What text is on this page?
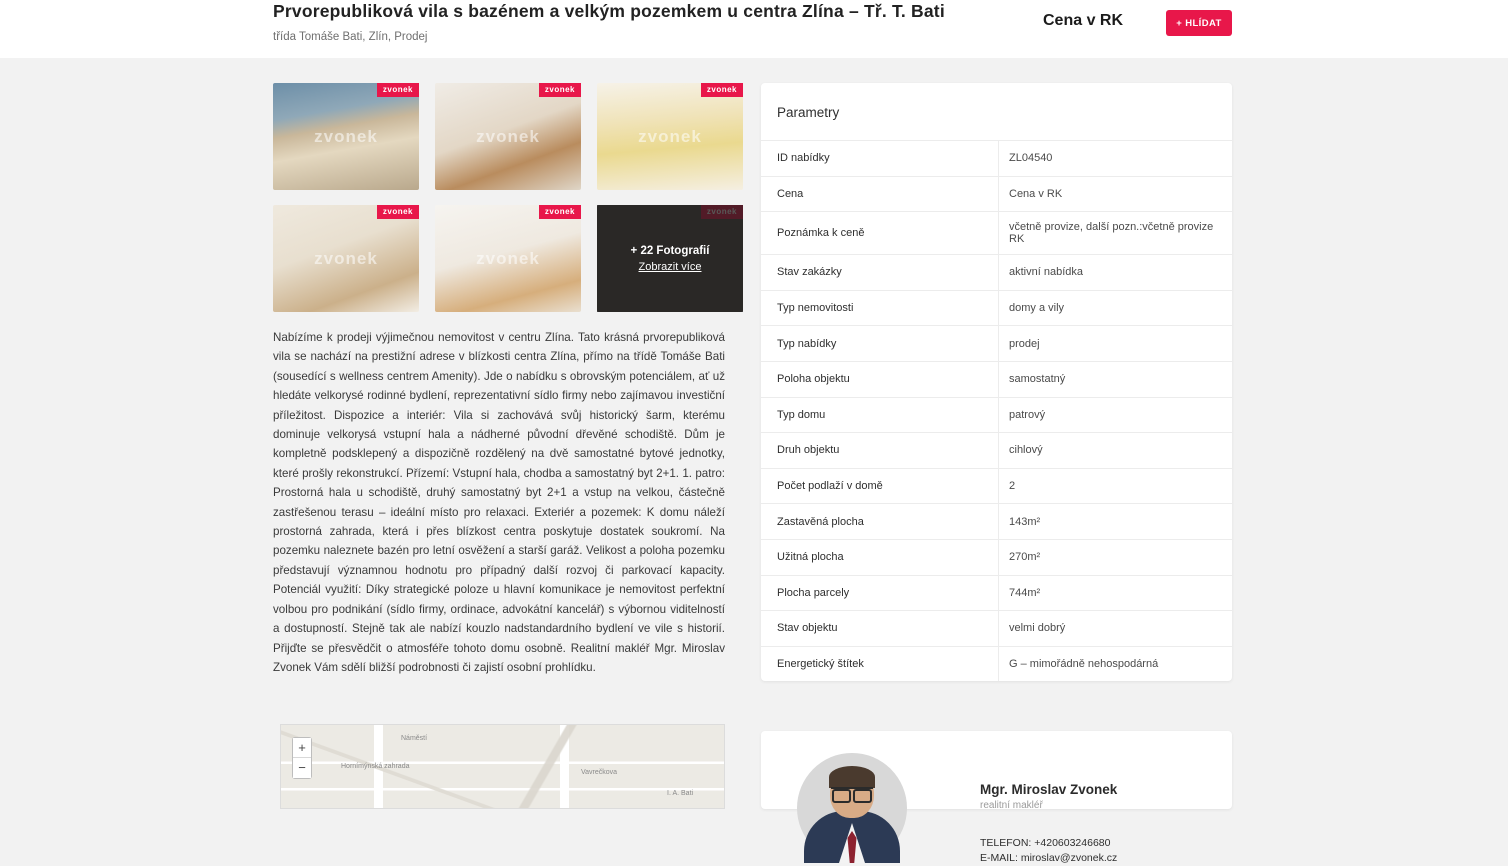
Prvorepubliková vila s bazénem a velkým pozemkem u centra Zlína – Tř. T. Bati
třída Tomáše Bati, Zlín, Prodej
Cena v RK	+ HLÍDAT
zvonek
zvonek
zvonek
zvonek
zvonek
zvonek
zvonek
zvonek
zvonek
zvonek
+ 22 Fotografií
Zobrazit více
Nabízíme k prodeji výjimečnou nemovitost v centru Zlína. Tato krásná prvorepubliková vila se nachází na prestižní adrese v blízkosti centra Zlína, přímo na třídě Tomáše Bati (sousedící s wellness centrem Amenity). Jde o nabídku s obrovským potenciálem, ať už hledáte velkorysé rodinné bydlení, reprezentativní sídlo firmy nebo zajímavou investiční příležitost. Dispozice a interiér: Vila si zachovává svůj historický šarm, kterému dominuje velkorysá vstupní hala a nádherné původní dřevěné schodiště. Dům je kompletně podsklepený a dispozičně rozdělený na dvě samostatné bytové jednotky, které prošly rekonstrukcí. Přízemí: Vstupní hala, chodba a samostatný byt 2+1. 1. patro: Prostorná hala u schodiště, druhý samostatný byt 2+1 a vstup na velkou, částečně zastřešenou terasu – ideální místo pro relaxaci. Exteriér a pozemek: K domu náleží prostorná zahrada, která i přes blízkost centra poskytuje dostatek soukromí. Na pozemku naleznete bazén pro letní osvěžení a starší garáž. Velikost a poloha pozemku představují významnou hodnotu pro případný další rozvoj či parkovací kapacity. Potenciál využití: Díky strategické poloze u hlavní komunikace je nemovitost perfektní volbou pro podnikání (sídlo firmy, ordinace, advokátní kancelář) s výbornou viditelností a dostupností. Stejně tak ale nabízí kouzlo nadstandardního bydlení ve vile s historií. Přijďte se přesvědčit o atmosféře tohoto domu osobně. Realitní makléř Mgr. Miroslav Zvonek Vám sdělí bližší podrobnosti či zajistí osobní prohlídku.
Náměstí
Hornímýnská zahrada
Vavrečkova
I. A. Bati
+
−
Parametry
ID nabídky	ZL04540
Cena	Cena v RK
Poznámka k ceně	včetně provize, další pozn.:včetně provize RK
Stav zakázky	aktivní nabídka
Typ nemovitosti	domy a vily
Typ nabídky	prodej
Poloha objektu	samostatný
Typ domu	patrový
Druh objektu	cihlový
Počet podlaží v domě	2
Zastavěná plocha	143m²
Užitná plocha	270m²
Plocha parcely	744m²
Stav objektu	velmi dobrý
Energetický štítek	G – mimořádně nehospodárná
Mgr. Miroslav Zvonek
realitní makléř
TELEFON: +420603246680
E-MAIL: miroslav@zvonek.cz
